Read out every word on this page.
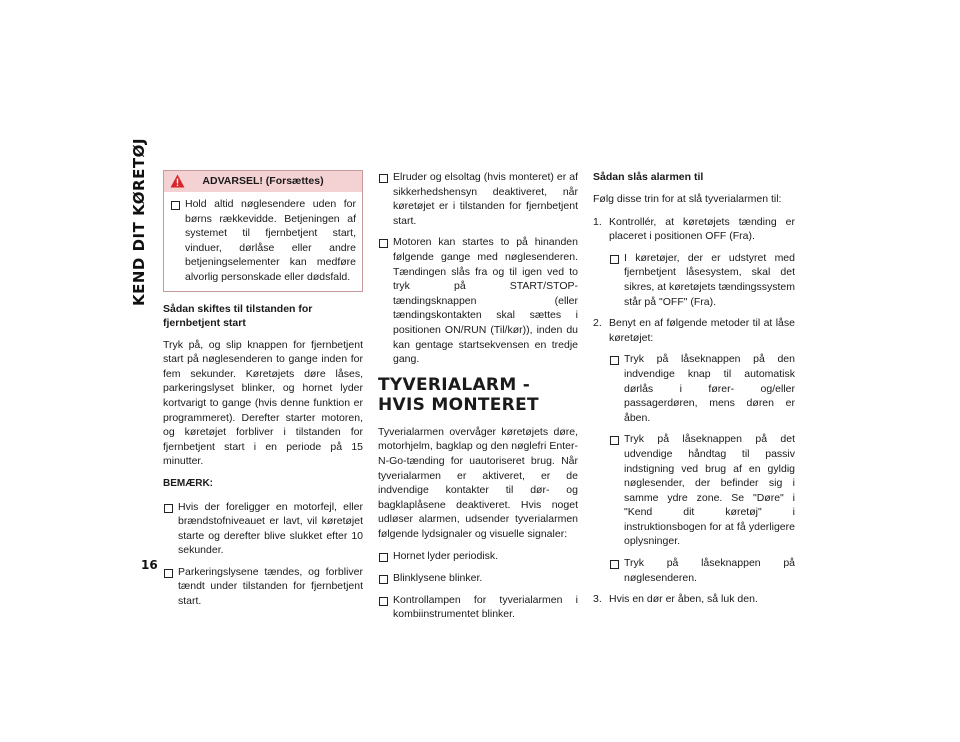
KEND DIT KØRETØJ
16
ADVARSEL! (Forsættes)
Hold altid nøglesendere uden for børns rækkevidde. Betjeningen af systemet til fjernbetjent start, vinduer, dørlåse eller andre betjeningselementer kan medføre alvorlig personskade eller dødsfald.
Sådan skiftes til tilstanden for fjernbetjent start

Tryk på, og slip knappen for fjernbetjent start på nøglesenderen to gange inden for fem sekunder. Køretøjets døre låses, parkeringslyset blinker, og hornet lyder kortvarigt to gange (hvis denne funktion er programmeret). Derefter starter motoren, og køretøjet forbliver i tilstanden for fjernbetjent start i en periode på 15 minutter.

BEMÆRK:
Hvis der foreligger en motorfejl, eller brændstofniveauet er lavt, vil køretøjet starte og derefter blive slukket efter 10 sekunder.
Parkeringslysene tændes, og forbliver tændt under tilstanden for fjernbetjent start.
Elruder og elsoltag (hvis monteret) er af sikkerhedshensyn deaktiveret, når køretøjet er i tilstanden for fjernbetjent start.
Motoren kan startes to på hinanden følgende gange med nøglesenderen. Tændingen slås fra og til igen ved to tryk på START/STOP-tændingsknappen (eller tændingskontakten skal sættes i positionen ON/RUN (Til/kør)), inden du kan gentage startsekvensen en tredje gang.
TYVERIALARM - HVIS MONTERET

Tyverialarmen overvåger køretøjets døre, motorhjelm, bagklap og den nøglefri Enter-N-Go-tænding for uautoriseret brug. Når tyverialarmen er aktiveret, er de indvendige kontakter til dør- og bagklaplåsene deaktiveret. Hvis noget udløser alarmen, udsender tyverialarmen følgende lydsignaler og visuelle signaler:

Hornet lyder periodisk.
Blinklysene blinker.
Kontrollampen for tyverialarmen i kombiinstrumentet blinker.
Sådan slås alarmen til

Følg disse trin for at slå tyverialarmen til:

1. Kontrollér, at køretøjets tænding er placeret i positionen OFF (Fra).
I køretøjer, der er udstyret med fjernbetjent låsesystem, skal det sikres, at køretøjets tændingssystem står på "OFF" (Fra).
2. Benyt en af følgende metoder til at låse køretøjet:
Tryk på låseknappen på den indvendige knap til automatisk dørlås i fører- og/eller passagerdøren, mens døren er åben.
Tryk på låseknappen på det udvendige håndtag til passiv indstigning ved brug af en gyldig nøglesender, der befinder sig i samme ydre zone. Se "Døre" i "Kend dit køretøj" i instruktionsbogen for at få yderligere oplysninger.
Tryk på låseknappen på nøglesenderen.
3. Hvis en dør er åben, så luk den.
